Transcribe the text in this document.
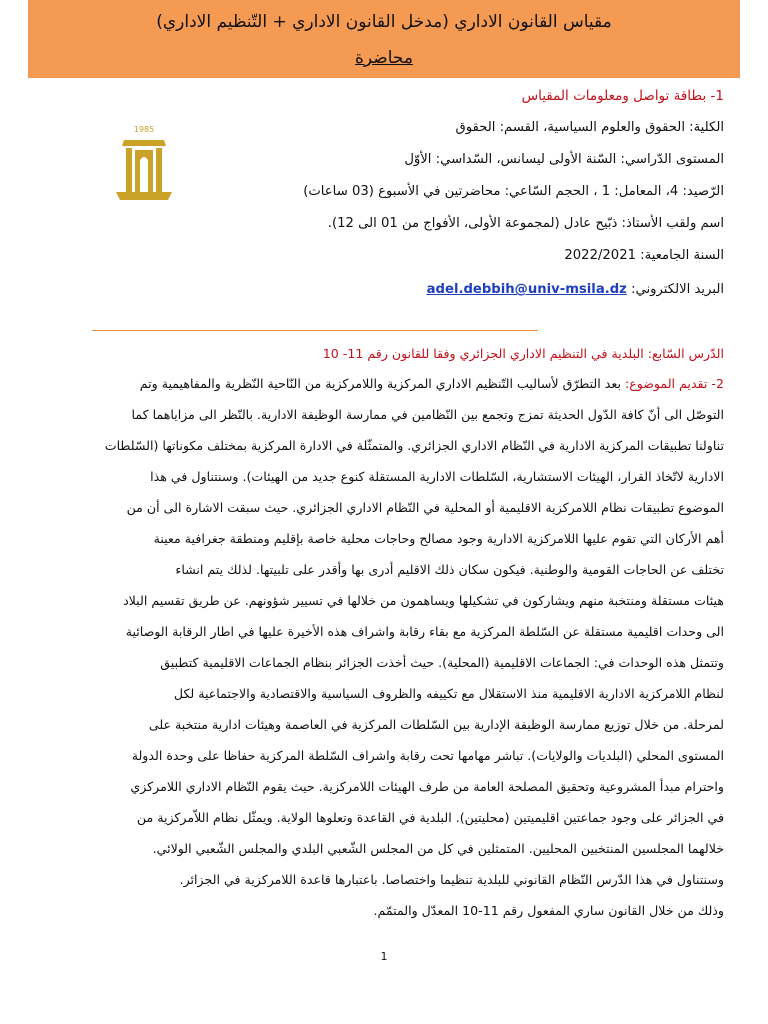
مقياس القانون الاداري (مدخل القانون الاداري + التّنظيم الاداري)
محاضرة
1- بطاقة تواصل ومعلومات المقياس
الكلية: الحقوق والعلوم السياسية، القسم: الحقوق
المستوى الدّراسي: السّنة الأولى ليسانس، السّداسي: الأوّل
الرّصيد: 4، المعامل: 1 ، الحجم السّاعي: محاضرتين في الأسبوع (03 ساعات)
اسم ولقب الأستاذ: ذبّيح عادل (لمجموعة الأولى، الأفواج من 01 الى 12).
السنة الجامعية: 2022/2021
البريد الالكتروني: adel.debbih@univ-msila.dz
1985
الدّرس السّابع: البلدية في التنظيم الاداري الجزائري وفقا للقانون رقم 11- 10
2- تقديم الموضوع: بعد التطرّق لأساليب التّنظيم الاداري المركزية واللامركزية من النّاحية النّظرية والمفاهيمية وتم
التوصّل الى أنّ كافة الدّول الحديثة تمزج وتجمع بين النّظامين في ممارسة الوظيفة الادارية. بالنّظر الى مزاياهما كما
تناولنا تطبيقات المركزية الادارية في النّظام الاداري الجزائري. والمتمثّلة في الادارة المركزية بمختلف مكوناتها (السّلطات
الادارية لاتّخاذ القرار، الهيئات الاستشارية، السّلطات الادارية المستقلة كنوع جديد من الهيئات). وسنتناول في هذا
الموضوع تطبيقات نظام اللامركزية الاقليمية أو المحلية في النّظام الاداري الجزائري. حيث سبقت الاشارة الى أن من
أهم الأركان التي تقوم عليها اللامركزية الادارية وجود مصالح وحاجات محلية خاصة بإقليم ومنطقة جغرافية معينة
تختلف عن الحاجات القومية والوطنية. فيكون سكان ذلك الاقليم أدرى بها وأقدر على تلبيتها. لذلك يتم انشاء
هيئات مستقلة ومنتخبة منهم ويشاركون في تشكيلها ويساهمون من خلالها في تسيير شؤونهم. عن طريق تقسيم البلاد
الى وحدات اقليمية مستقلة عن السّلطة المركزية مع بقاء رقابة واشراف هذه الأخيرة عليها في اطار الرقابة الوصائية
وتتمثل هذه الوحدات في: الجماعات الاقليمية (المحلية). حيث أخذت الجزائر بنظام الجماعات الاقليمية كتطبيق
لنظام اللامركزية الادارية الاقليمية منذ الاستقلال مع تكييفه والظروف السياسية والاقتصادية والاجتماعية لكل
لمرحلة. من خلال توزيع ممارسة الوظيفة الإدارية بين السّلطات المركزية في العاصمة وهيئات ادارية منتخبة على
المستوى المحلي (البلديات والولايات). تباشر مهامها تحت رقابة واشراف السّلطة المركزية حفاظا على وحدة الدولة
واحترام مبدأ المشروعية وتحقيق المصلحة العامة من طرف الهيئات اللامركزية. حيث يقوم النّظام الاداري اللامركزي
في الجزائر على وجود جماعتين اقليميتين (محليتين). البلدية في القاعدة وتعلوها الولاية. ويمثّل نظام اللاّمركزية من
خلالهما المجلسين المنتخبين المحليين. المتمثلين في كل من المجلس الشّعبي البلدي والمجلس الشّعبي الولائي.
وسنتناول في هذا الدّرس النّظام القانوني للبلدية تنظيما واختصاصا. باعتبارها قاعدة اللامركزية في الجزائر.
وذلك من خلال القانون ساري المفعول رقم 11-10 المعدّل والمتمّم.
1
